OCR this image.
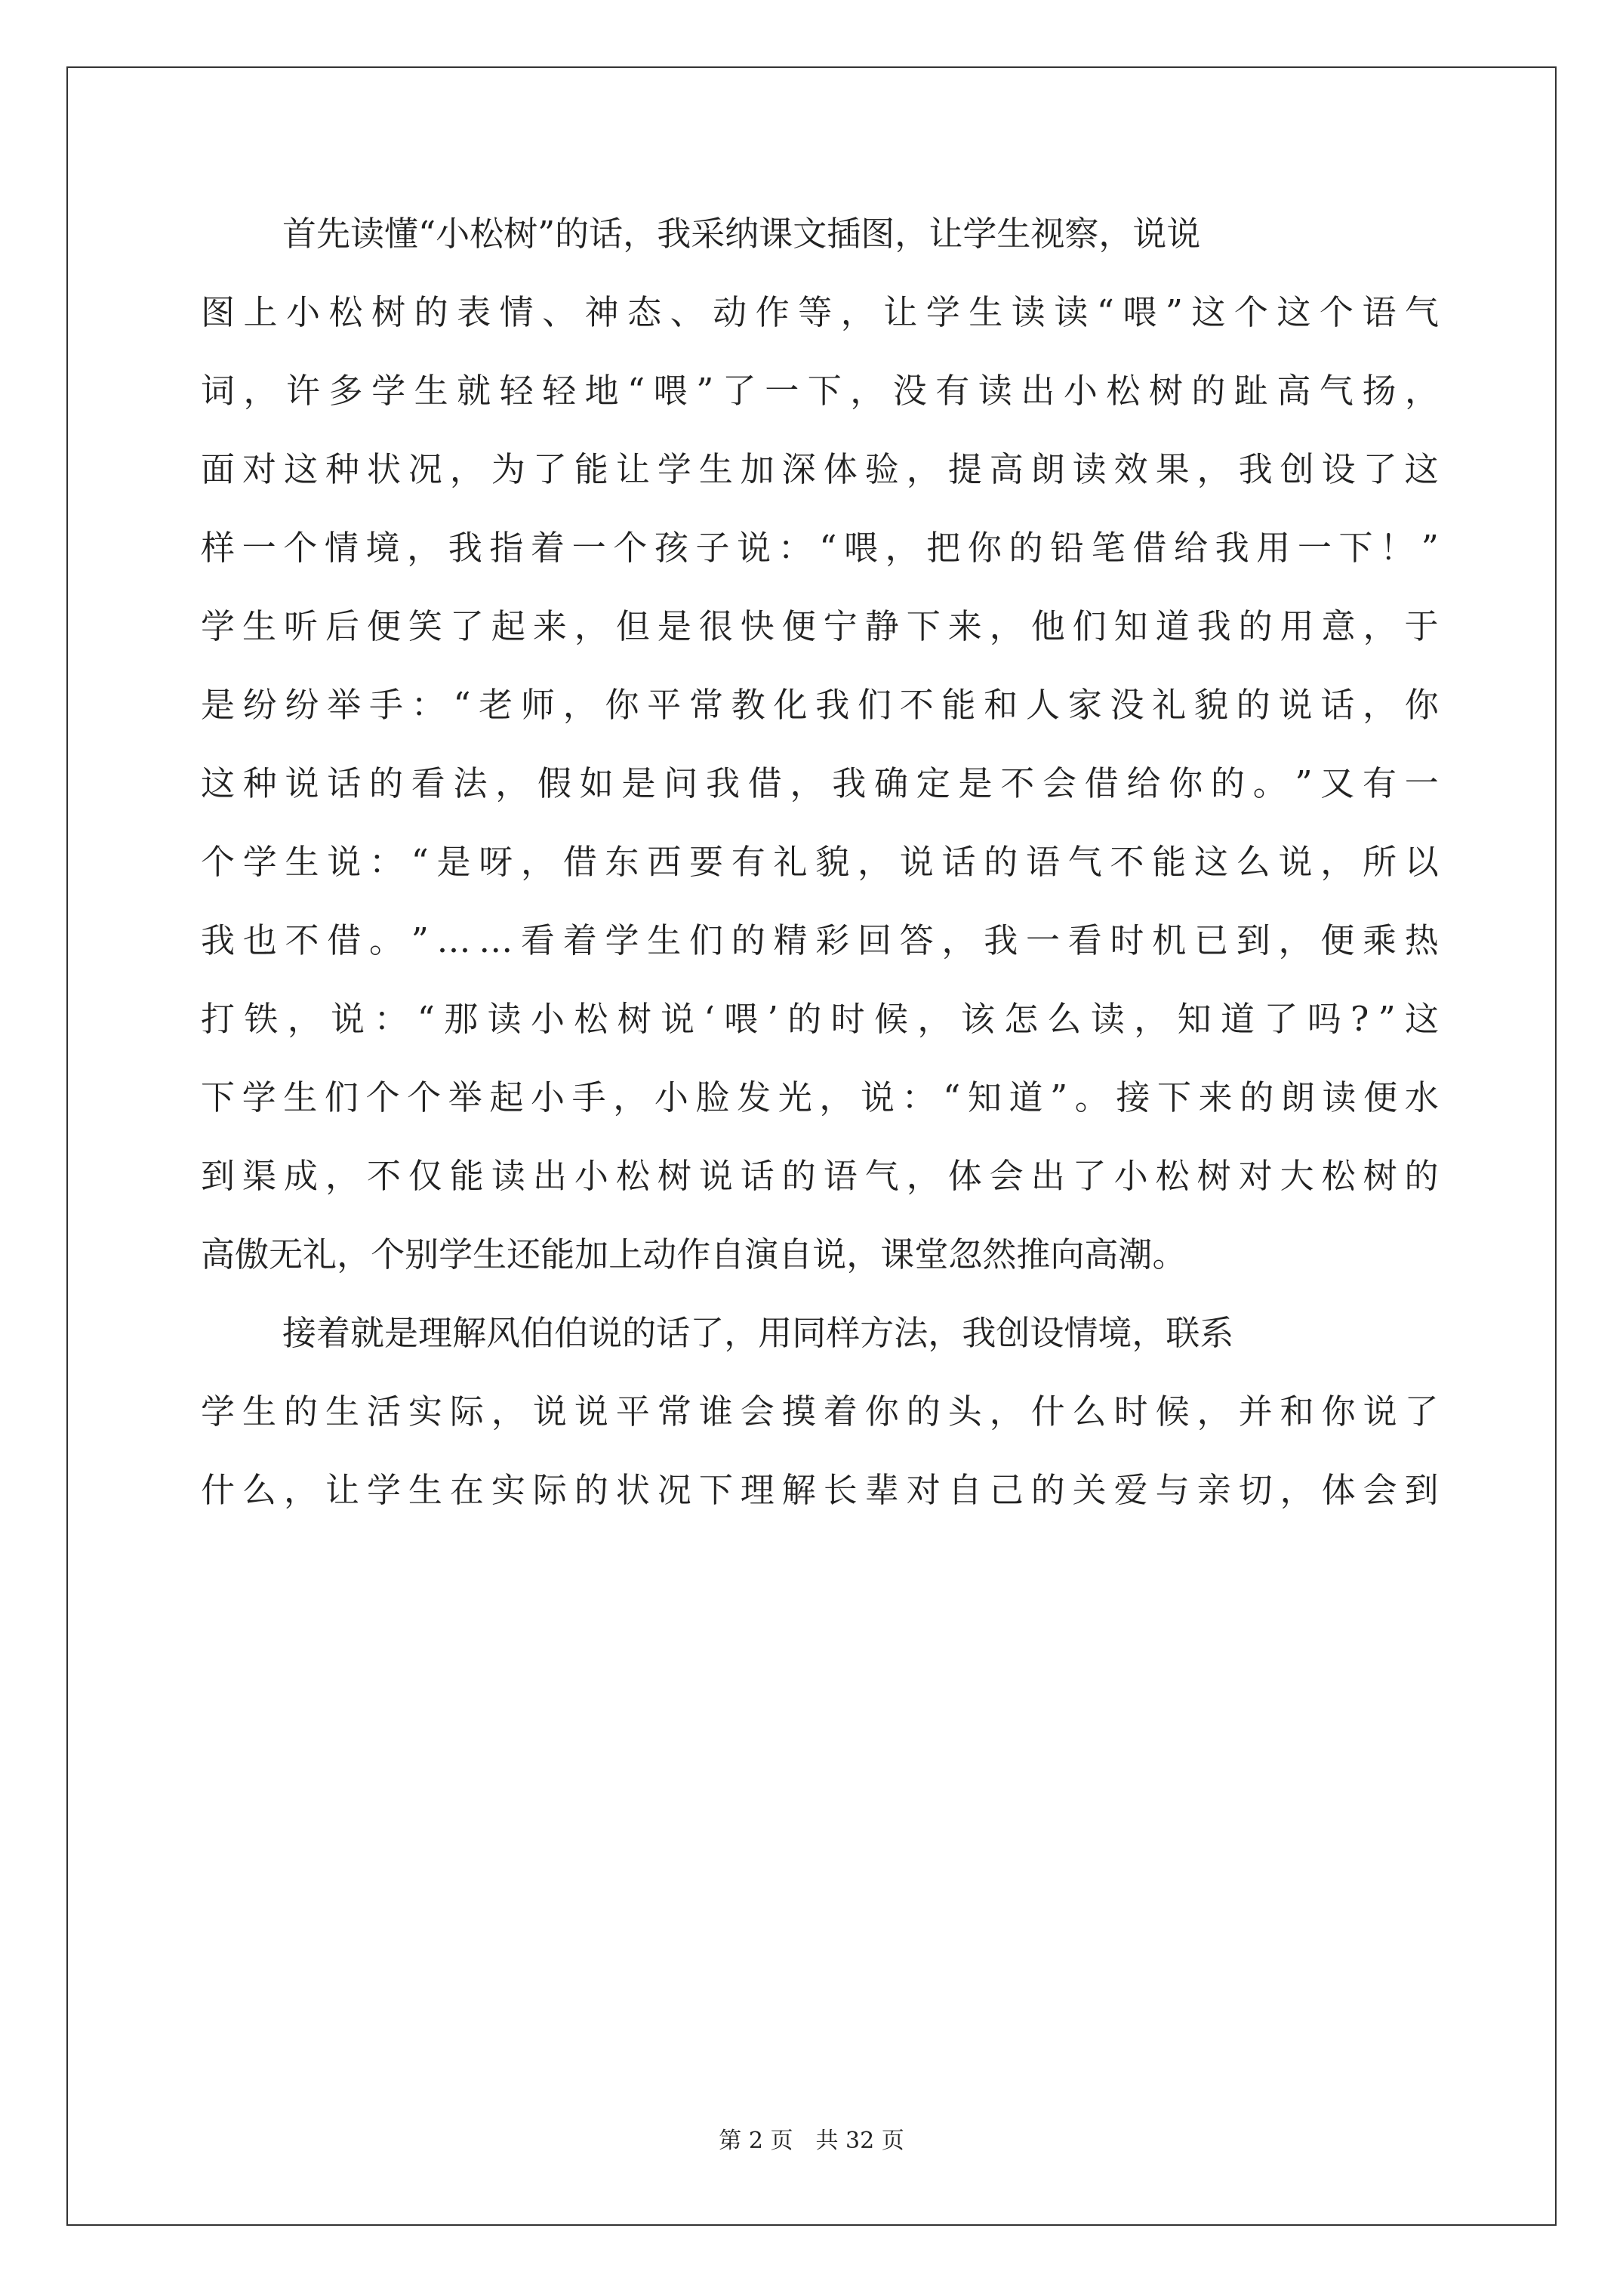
首 先 读 懂 “ 小 松 树 ” 的 话 ， 我 采 纳 课 文 插 图 ， 让 学 生 视 察 ， 说 说
图 上 小 松 树 的 表 情 、 神 态 、 动 作 等 ， 让 学 生 读 读 “ 喂 ” 这 个 这 个 语 气
词 ， 许 多 学 生 就 轻 轻 地 “ 喂 ” 了 一 下 ， 没 有 读 出 小 松 树 的 趾 高 气 扬 ，
面 对 这 种 状 况 ， 为 了 能 让 学 生 加 深 体 验 ， 提 高 朗 读 效 果 ， 我 创 设 了 这
样 一 个 情 境 ， 我 指 着 一 个 孩 子 说 ： “ 喂 ， 把 你 的 铅 笔 借 给 我 用 一 下 ！ ”
学 生 听 后 便 笑 了 起 来 ， 但 是 很 快 便 宁 静 下 来 ， 他 们 知 道 我 的 用 意 ， 于
是 纷 纷 举 手 ： “ 老 师 ， 你 平 常 教 化 我 们 不 能 和 人 家 没 礼 貌 的 说 话 ， 你
这 种 说 话 的 看 法 ， 假 如 是 问 我 借 ， 我 确 定 是 不 会 借 给 你 的 。 ” 又 有 一
个 学 生 说 ： “ 是 呀 ， 借 东 西 要 有 礼 貌 ， 说 话 的 语 气 不 能 这 么 说 ， 所 以
我 也 不 借 。 ” … … 看 着 学 生 们 的 精 彩 回 答 ， 我 一 看 时 机 已 到 ， 便 乘 热
打 铁 ， 说 ： “ 那 读 小 松 树 说 ‘ 喂 ’ 的 时 候 ， 该 怎 么 读 ， 知 道 了 吗 ? ” 这
下 学 生 们 个 个 举 起 小 手 ， 小 脸 发 光 ， 说 ： “ 知 道 ” 。 接 下 来 的 朗 读 便 水
到 渠 成 ， 不 仅 能 读 出 小 松 树 说 话 的 语 气 ， 体 会 出 了 小 松 树 对 大 松 树 的
高 傲 无 礼 ， 个 别 学 生 还 能 加 上 动 作 自 演 自 说 ， 课 堂 忽 然 推 向 高 潮 。
接 着 就 是 理 解 风 伯 伯 说 的 话 了 ， 用 同 样 方 法 ， 我 创 设 情 境 ， 联 系
学 生 的 生 活 实 际 ， 说 说 平 常 谁 会 摸 着 你 的 头 ， 什 么 时 候 ， 并 和 你 说 了
什 么 ， 让 学 生 在 实 际 的 状 况 下 理 解 长 辈 对 自 己 的 关 爱 与 亲 切 ， 体 会 到
第 2 页　共 32 页
